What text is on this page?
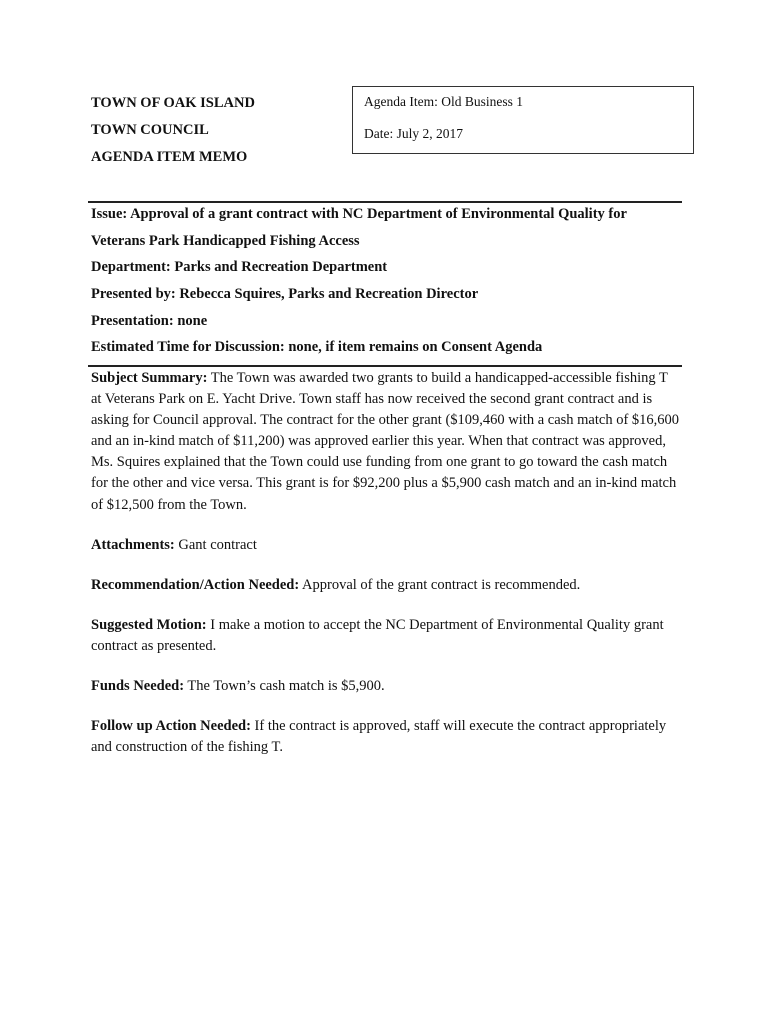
TOWN OF OAK ISLAND
TOWN COUNCIL
AGENDA ITEM MEMO
Agenda Item: Old Business 1
Date: July 2, 2017
Issue: Approval of a grant contract with NC Department of Environmental Quality for
Veterans Park Handicapped Fishing Access
Department: Parks and Recreation Department
Presented by: Rebecca Squires, Parks and Recreation Director
Presentation: none
Estimated Time for Discussion: none, if item remains on Consent Agenda

Subject Summary: The Town was awarded two grants to build a handicapped-accessible fishing T at Veterans Park on E. Yacht Drive. Town staff has now received the second grant contract and is asking for Council approval. The contract for the other grant ($109,460 with a cash match of $16,600 and an in-kind match of $11,200) was approved earlier this year. When that contract was approved, Ms. Squires explained that the Town could use funding from one grant to go toward the cash match for the other and vice versa. This grant is for $92,200 plus a $5,900 cash match and an in-kind match of $12,500 from the Town.

Attachments: Gant contract

Recommendation/Action Needed: Approval of the grant contract is recommended.

Suggested Motion: I make a motion to accept the NC Department of Environmental Quality grant contract as presented.

Funds Needed: The Town’s cash match is $5,900.

Follow up Action Needed: If the contract is approved, staff will execute the contract appropriately and construction of the fishing T.
